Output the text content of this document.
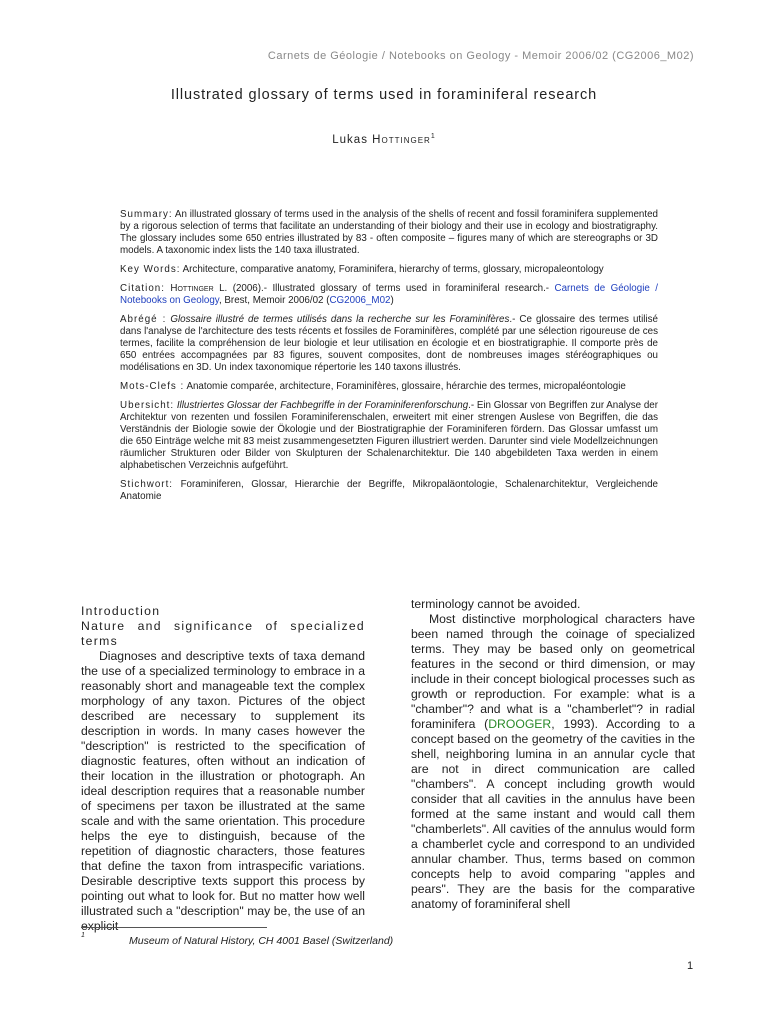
Carnets de Géologie / Notebooks on Geology - Memoir 2006/02 (CG2006_M02)
Illustrated glossary of terms used in foraminiferal research
Lukas Hottinger$^1$

Summary: An illustrated glossary of terms used in the analysis of the shells of recent and fossil foraminifera supplemented by a rigorous selection of terms that facilitate an understanding of their biology and their use in ecology and biostratigraphy. The glossary includes some 650 entries illustrated by 83 - often composite – figures many of which are stereographs or 3D models. A taxonomic index lists the 140 taxa illustrated.

Key Words: Architecture, comparative anatomy, Foraminifera, hierarchy of terms, glossary, micropaleontology

Citation: Hottinger L. (2006).- Illustrated glossary of terms used in foraminiferal research.- Carnets de Géologie / Notebooks on Geology, Brest, Memoir 2006/02 (CG2006_M02)

Abrégé : Glossaire illustré de termes utilisés dans la recherche sur les Foraminifères.- Ce glossaire des termes utilisé dans l'analyse de l'architecture des tests récents et fossiles de Foraminifères, complété par une sélection rigoureuse de ces termes, facilite la compréhension de leur biologie et leur utilisation en écologie et en biostratigraphie. Il comporte près de 650 entrées accompagnées par 83 figures, souvent composites, dont de nombreuses images stéréographiques ou modélisations en 3D. Un index taxonomique répertorie les 140 taxons illustrés.

Mots-Clefs : Anatomie comparée, architecture, Foraminifères, glossaire, hérarchie des termes, micropaléontologie

Ubersicht: Illustriertes Glossar der Fachbegriffe in der Foraminiferenforschung.- Ein Glossar von Begriffen zur Analyse der Architektur von rezenten und fossilen Foraminiferenschalen, erweitert mit einer strengen Auslese von Begriffen, die das Verständnis der Biologie sowie der Ökologie und der Biostratigraphie der Foraminiferen fördern. Das Glossar umfasst um die 650 Einträge welche mit 83 meist zusammengesetzten Figuren illustriert werden. Darunter sind viele Modellzeichnungen räumlicher Strukturen oder Bilder von Skulpturen der Schalenarchitektur. Die 140 abgebildeten Taxa werden in einem alphabetischen Verzeichnis aufgeführt.

Stichwort: Foraminiferen, Glossar, Hierarchie der Begriffe, Mikropaläontologie, Schalenarchitektur, Vergleichende Anatomie

Introduction

Nature and significance of specialized terms

Diagnoses and descriptive texts of taxa demand the use of a specialized terminology to embrace in a reasonably short and manageable text the complex morphology of any taxon. Pictures of the object described are necessary to supplement its description in words. In many cases however the "description" is restricted to the specification of diagnostic features, often without an indication of their location in the illustration or photograph. An ideal description requires that a reasonable number of specimens per taxon be illustrated at the same scale and with the same orientation. This procedure helps the eye to distinguish, because of the repetition of diagnostic characters, those features that define the taxon from intraspecific variations. Desirable descriptive texts support this process by pointing out what to look for. But no matter how well illustrated such a "description" may be, the use of an explicit

terminology cannot be avoided.

Most distinctive morphological characters have been named through the coinage of specialized terms. They may be based only on geometrical features in the second or third dimension, or may include in their concept biological processes such as growth or reproduction. For example: what is a "chamber"? and what is a "chamberlet"? in radial foraminifera (DROOGER, 1993). According to a concept based on the geometry of the cavities in the shell, neighboring lumina in an annular cycle that are not in direct communication are called "chambers". A concept including growth would consider that all cavities in the annulus have been formed at the same instant and would call them "chamberlets". All cavities of the annulus would form a chamberlet cycle and correspond to an undivided annular chamber. Thus, terms based on common concepts help to avoid comparing "apples and pears". They are the basis for the comparative anatomy of foraminiferal shell

1	Museum of Natural History, CH 4001 Basel (Switzerland)
1
